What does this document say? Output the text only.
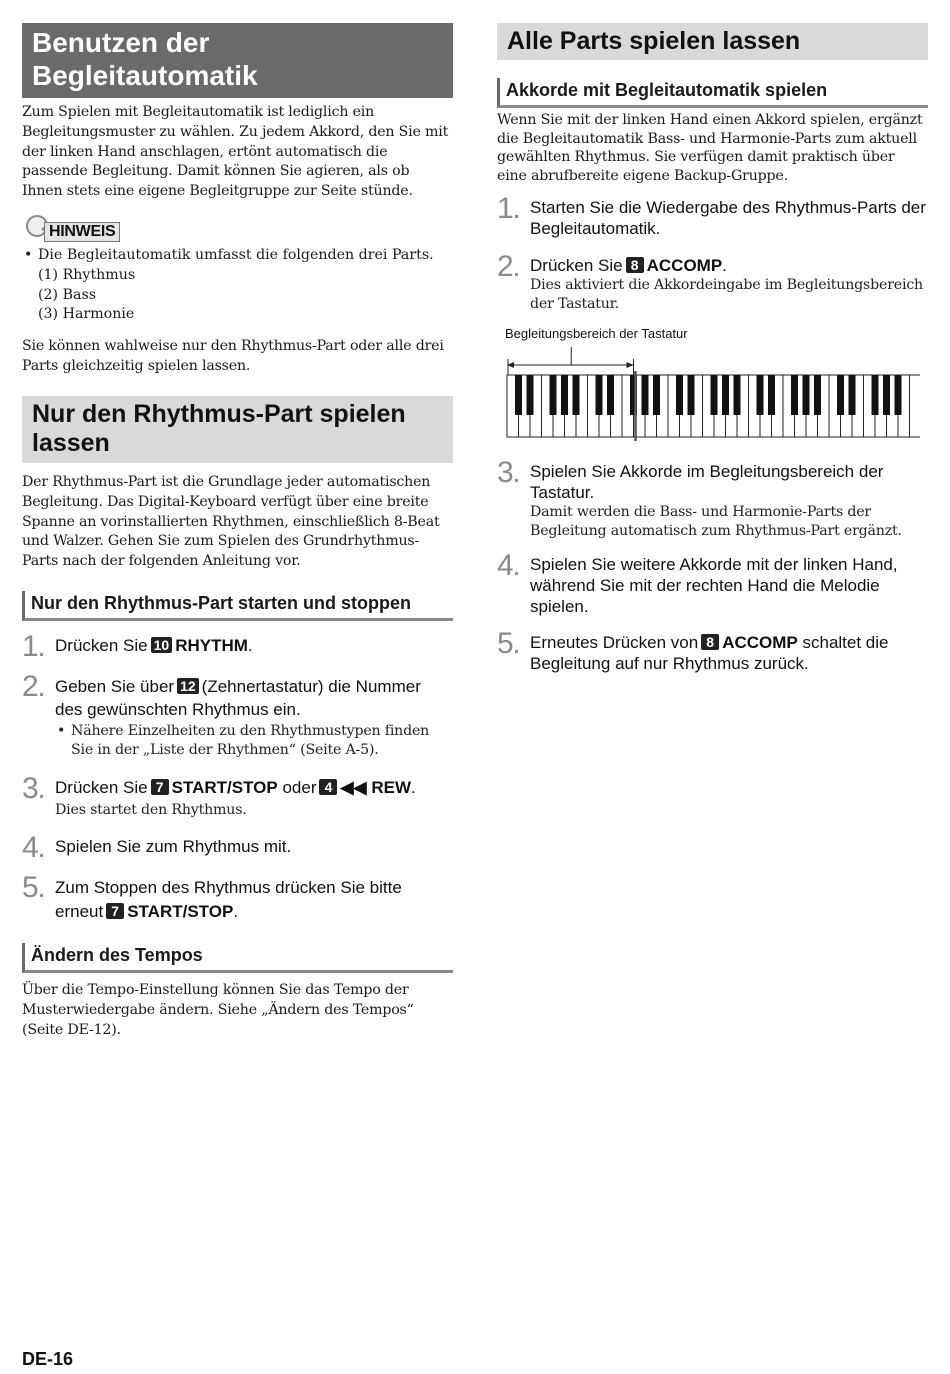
Benutzen der
Begleitautomatik
Zum Spielen mit Begleitautomatik ist lediglich ein Begleitungsmuster zu wählen. Zu jedem Akkord, den Sie mit der linken Hand anschlagen, ertönt automatisch die passende Begleitung. Damit können Sie agieren, als ob Ihnen stets eine eigene Begleitgruppe zur Seite stünde.
HINWEIS
• Die Begleitautomatik umfasst die folgenden drei Parts.
(1) Rhythmus
(2) Bass
(3) Harmonie
Sie können wahlweise nur den Rhythmus-Part oder alle drei Parts gleichzeitig spielen lassen.
Nur den Rhythmus-Part spielen lassen
Der Rhythmus-Part ist die Grundlage jeder automatischen Begleitung. Das Digital-Keyboard verfügt über eine breite Spanne an vorinstallierten Rhythmen, einschließlich 8-Beat und Walzer. Gehen Sie zum Spielen des Grundrhythmus-Parts nach der folgenden Anleitung vor.
Nur den Rhythmus-Part starten und stoppen
1. Drücken Sie 10 RHYTHM.
2. Geben Sie über 12 (Zehnertastatur) die Nummer des gewünschten Rhythmus ein.
• Nähere Einzelheiten zu den Rhythmustypen finden Sie in der „Liste der Rhythmen“ (Seite A-5).
3. Drücken Sie 7 START/STOP oder 4 ◀◀ REW.
Dies startet den Rhythmus.
4. Spielen Sie zum Rhythmus mit.
5. Zum Stoppen des Rhythmus drücken Sie bitte erneut 7 START/STOP.
Ändern des Tempos
Über die Tempo-Einstellung können Sie das Tempo der Musterwiedergabe ändern. Siehe „Ändern des Tempos“ (Seite DE-12).
Alle Parts spielen lassen
Akkorde mit Begleitautomatik spielen
Wenn Sie mit der linken Hand einen Akkord spielen, ergänzt die Begleitautomatik Bass- und Harmonie-Parts zum aktuell gewählten Rhythmus. Sie verfügen damit praktisch über eine abrufbereite eigene Backup-Gruppe.
1. Starten Sie die Wiedergabe des Rhythmus-Parts der Begleitautomatik.
2. Drücken Sie 8 ACCOMP.
Dies aktiviert die Akkordeingabe im Begleitungsbereich der Tastatur.
Begleitungsbereich der Tastatur
3. Spielen Sie Akkorde im Begleitungsbereich der Tastatur.
Damit werden die Bass- und Harmonie-Parts der Begleitung automatisch zum Rhythmus-Part ergänzt.
4. Spielen Sie weitere Akkorde mit der linken Hand, während Sie mit der rechten Hand die Melodie spielen.
5. Erneutes Drücken von 8 ACCOMP schaltet die Begleitung auf nur Rhythmus zurück.
DE-16
